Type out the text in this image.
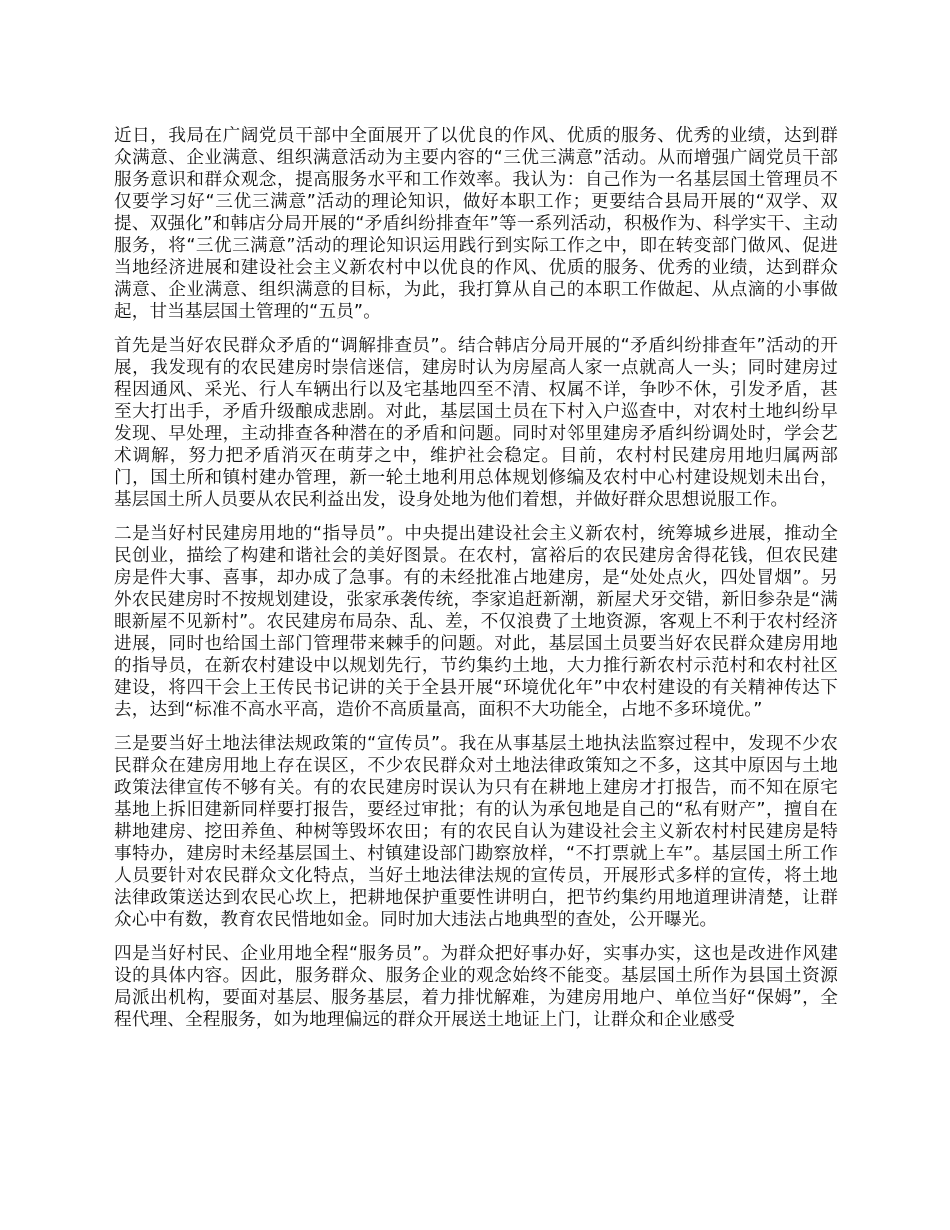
近日，我局在广阔党员干部中全面展开了以优良的作风、优质的服务、优秀的业绩，达到群众满意、企业满意、组织满意活动为主要内容的“三优三满意”活动。从而增强广阔党员干部服务意识和群众观念，提高服务水平和工作效率。我认为：自己作为一名基层国土管理员不仅要学习好“三优三满意”活动的理论知识，做好本职工作；更要结合县局开展的“双学、双提、双强化”和韩店分局开展的“矛盾纠纷排查年”等一系列活动，积极作为、科学实干、主动服务，将“三优三满意”活动的理论知识运用践行到实际工作之中，即在转变部门做风、促进当地经济进展和建设社会主义新农村中以优良的作风、优质的服务、优秀的业绩，达到群众满意、企业满意、组织满意的目标，为此，我打算从自己的本职工作做起、从点滴的小事做起，甘当基层国土管理的“五员”。

首先是当好农民群众矛盾的“调解排查员”。结合韩店分局开展的“矛盾纠纷排查年”活动的开展，我发现有的农民建房时崇信迷信，建房时认为房屋高人家一点就高人一头；同时建房过程因通风、采光、行人车辆出行以及宅基地四至不清、权属不详，争吵不休，引发矛盾，甚至大打出手，矛盾升级酿成悲剧。对此，基层国土员在下村入户巡查中，对农村土地纠纷早发现、早处理，主动排查各种潜在的矛盾和问题。同时对邻里建房矛盾纠纷调处时，学会艺术调解，努力把矛盾消灭在萌芽之中，维护社会稳定。目前，农村村民建房用地归属两部门，国土所和镇村建办管理，新一轮土地利用总体规划修编及农村中心村建设规划未出台，基层国土所人员要从农民利益出发，设身处地为他们着想，并做好群众思想说服工作。

二是当好村民建房用地的“指导员”。中央提出建设社会主义新农村，统筹城乡进展，推动全民创业，描绘了构建和谐社会的美好图景。在农村，富裕后的农民建房舍得花钱，但农民建房是件大事、喜事，却办成了急事。有的未经批准占地建房，是“处处点火，四处冒烟”。另外农民建房时不按规划建设，张家承袭传统，李家追赶新潮，新屋犬牙交错，新旧参杂是“满眼新屋不见新村”。农民建房布局杂、乱、差，不仅浪费了土地资源，客观上不利于农村经济进展，同时也给国土部门管理带来棘手的问题。对此，基层国土员要当好农民群众建房用地的指导员，在新农村建设中以规划先行，节约集约土地，大力推行新农村示范村和农村社区建设，将四干会上王传民书记讲的关于全县开展“环境优化年”中农村建设的有关精神传达下去，达到“标准不高水平高，造价不高质量高，面积不大功能全，占地不多环境优。”

三是要当好土地法律法规政策的“宣传员”。我在从事基层土地执法监察过程中，发现不少农民群众在建房用地上存在误区，不少农民群众对土地法律政策知之不多，这其中原因与土地政策法律宣传不够有关。有的农民建房时误认为只有在耕地上建房才打报告，而不知在原宅基地上拆旧建新同样要打报告，要经过审批；有的认为承包地是自己的“私有财产”，擅自在耕地建房、挖田养鱼、种树等毁坏农田；有的农民自认为建设社会主义新农村村民建房是特事特办，建房时未经基层国土、村镇建设部门勘察放样，“不打票就上车”。基层国土所工作人员要针对农民群众文化特点，当好土地法律法规的宣传员，开展形式多样的宣传，将土地法律政策送达到农民心坎上，把耕地保护重要性讲明白，把节约集约用地道理讲清楚，让群众心中有数，教育农民惜地如金。同时加大违法占地典型的查处，公开曝光。

四是当好村民、企业用地全程“服务员”。为群众把好事办好，实事办实，这也是改进作风建设的具体内容。因此，服务群众、服务企业的观念始终不能变。基层国土所作为县国土资源局派出机构，要面对基层、服务基层，着力排忧解难，为建房用地户、单位当好“保姆”，全程代理、全程服务，如为地理偏远的群众开展送土地证上门，让群众和企业感受
